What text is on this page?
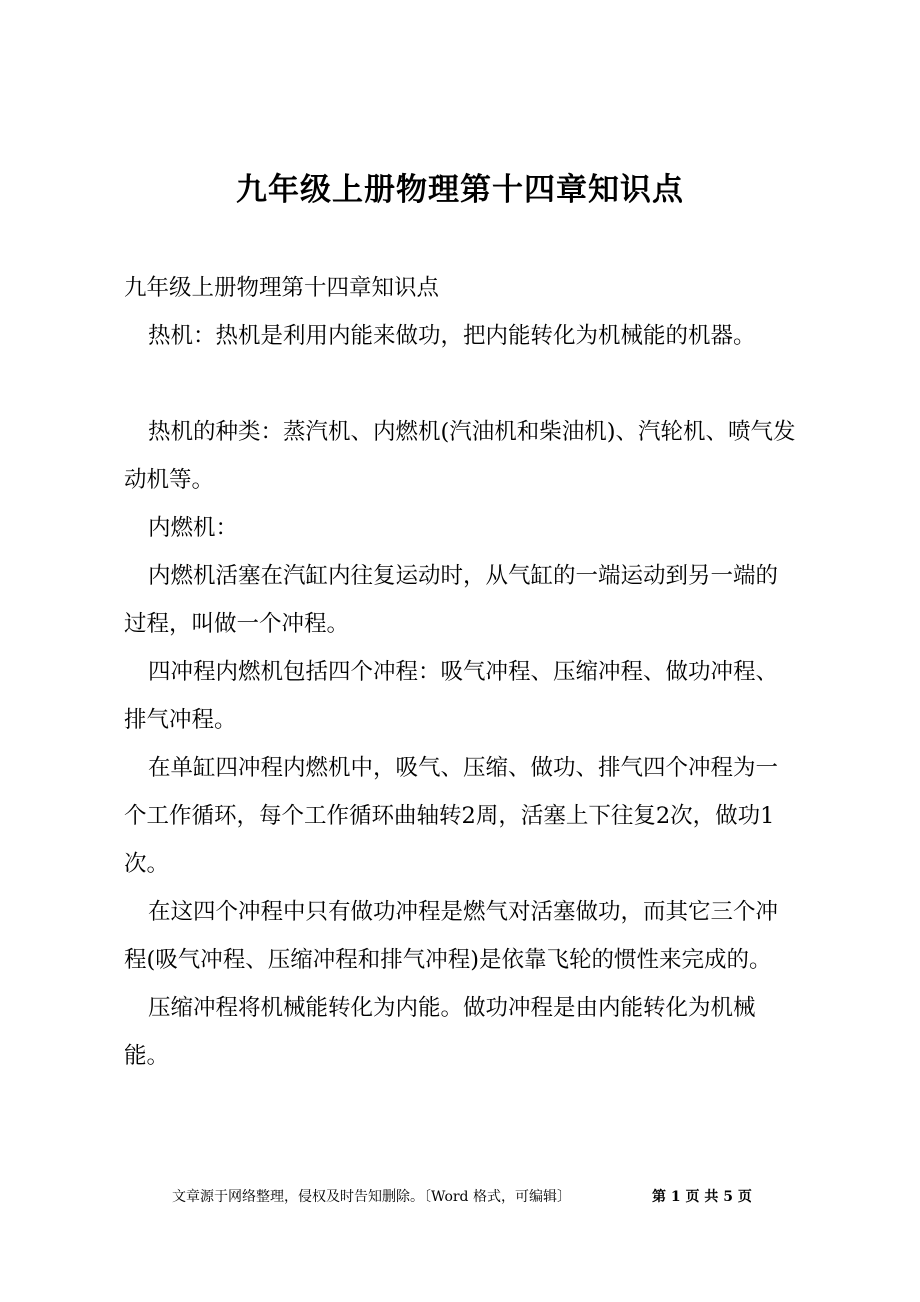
九年级上册物理第十四章知识点

九年级上册物理第十四章知识点

热机：热机是利用内能来做功，把内能转化为机械能的机器。

热机的种类：蒸汽机、内燃机(汽油机和柴油机)、汽轮机、喷气发动机等。

内燃机：

内燃机活塞在汽缸内往复运动时，从气缸的一端运动到另一端的过程，叫做一个冲程。

四冲程内燃机包括四个冲程：吸气冲程、压缩冲程、做功冲程、排气冲程。

在单缸四冲程内燃机中，吸气、压缩、做功、排气四个冲程为一个工作循环，每个工作循环曲轴转2周，活塞上下往复2次，做功1次。

在这四个冲程中只有做功冲程是燃气对活塞做功，而其它三个冲程(吸气冲程、压缩冲程和排气冲程)是依靠飞轮的惯性来完成的。

压缩冲程将机械能转化为内能。做功冲程是由内能转化为机械能。

文章源于网络整理，侵权及时告知删除。〔Word 格式，可编辑〕	第 1 页 共 5 页
